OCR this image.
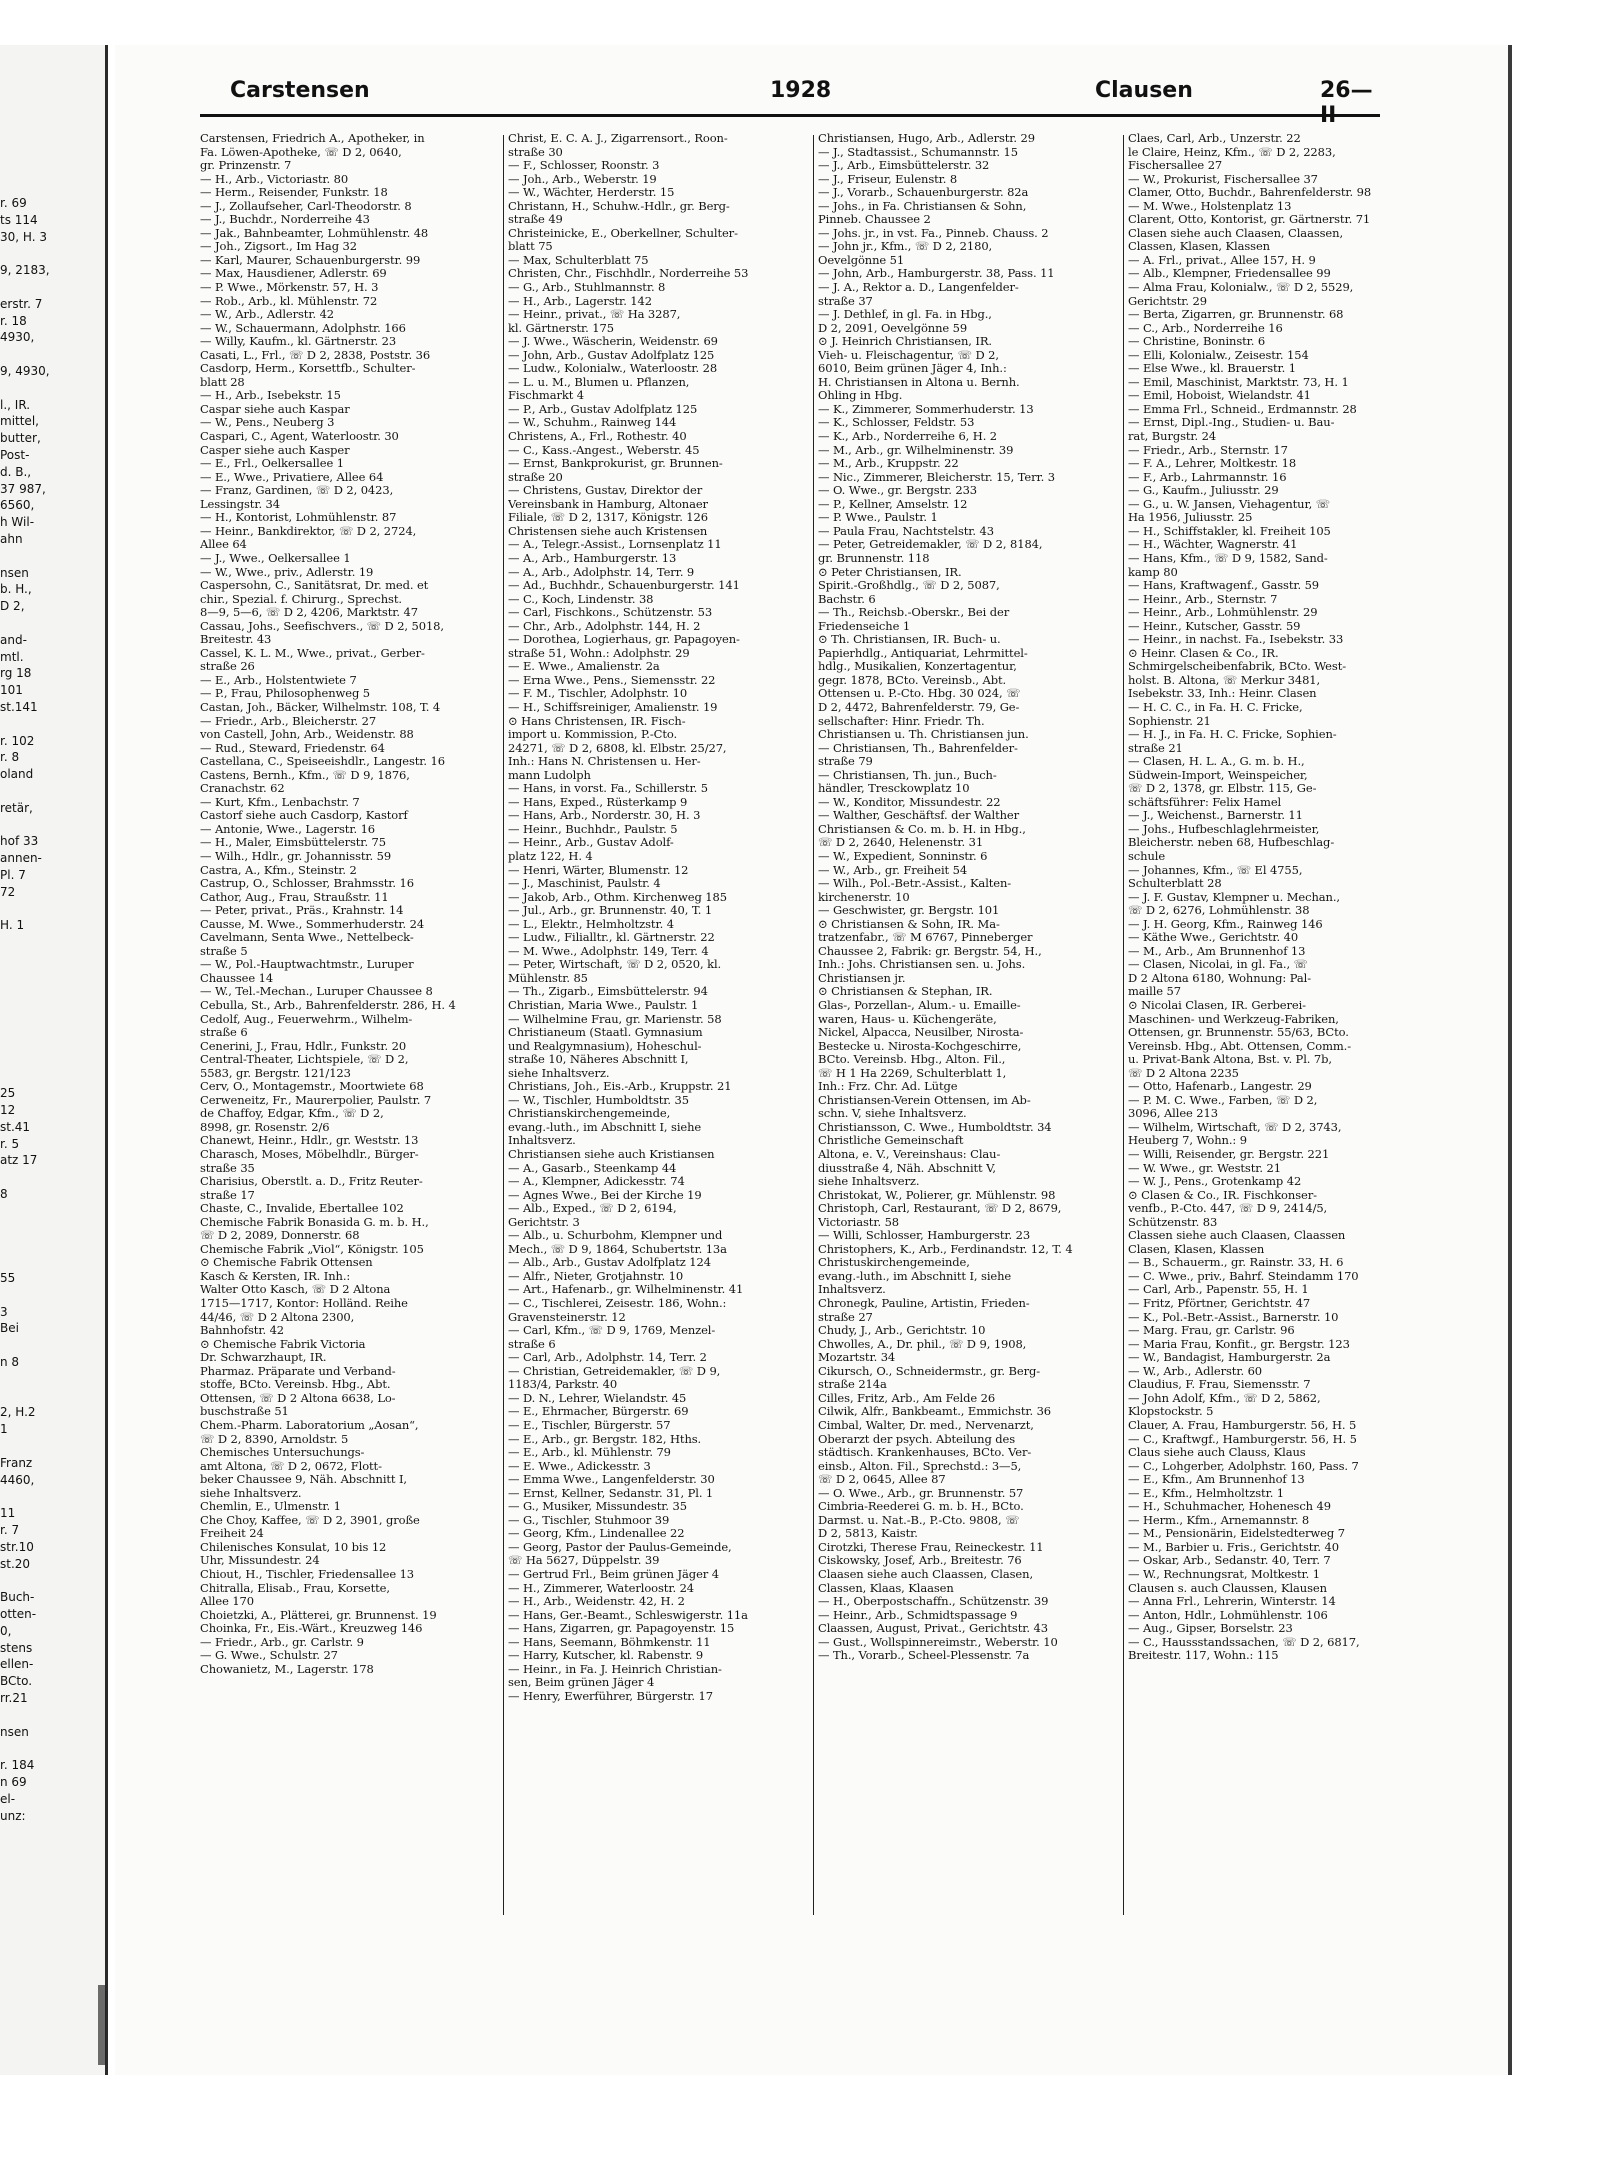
r. 69
ts 114
30, H. 3

9, 2183,

erstr. 7
r. 18
4930,

9, 4930,

l., IR.
mittel,
butter,
Post-
d. B.,
37 987,
6560,
h Wil-
ahn

nsen
b. H.,
D 2,

and-
mtl.
rg 18
101
st.141

r. 102
r. 8
oland

retär,

hof 33
annen-
Pl. 7
72

H. 1

25
12
st.41
r. 5
atz 17

8

55

3
Bei

n 8

2, H.2
1

Franz
4460,

11
r. 7
str.10
st.20

Buch-
otten-
0,
stens
ellen-
BCto.
rr.21

nsen

r. 184
n 69
el-
unz:
Carstensen	1928	Clausen	26—II
Carstensen, Friedrich A., Apotheker, in
Fa. Löwen-Apotheke, ☏ D 2, 0640,
gr. Prinzenstr. 7
— H., Arb., Victoriastr. 80
— Herm., Reisender, Funkstr. 18
— J., Zollaufseher, Carl-Theodorstr. 8
— J., Buchdr., Norderreihe 43
— Jak., Bahnbeamter, Lohmühlenstr. 48
— Joh., Zigsort., Im Hag 32
— Karl, Maurer, Schauenburgerstr. 99
— Max, Hausdiener, Adlerstr. 69
— P. Wwe., Mörkenstr. 57, H. 3
— Rob., Arb., kl. Mühlenstr. 72
— W., Arb., Adlerstr. 42
— W., Schauermann, Adolphstr. 166
— Willy, Kaufm., kl. Gärtnerstr. 23
Casati, L., Frl., ☏ D 2, 2838, Poststr. 36
Casdorp, Herm., Korsettfb., Schulter-
blatt 28
— H., Arb., Isebekstr. 15
Caspar siehe auch Kaspar
— W., Pens., Neuberg 3
Caspari, C., Agent, Waterloostr. 30
Casper siehe auch Kasper
— E., Frl., Oelkersallee 1
— E., Wwe., Privatiere, Allee 64
— Franz, Gardinen, ☏ D 2, 0423,
Lessingstr. 34
— H., Kontorist, Lohmühlenstr. 87
— Heinr., Bankdirektor, ☏ D 2, 2724,
Allee 64
— J., Wwe., Oelkersallee 1
— W., Wwe., priv., Adlerstr. 19
Caspersohn, C., Sanitätsrat, Dr. med. et
chir., Spezial. f. Chirurg., Sprechst.
8—9, 5—6, ☏ D 2, 4206, Marktstr. 47
Cassau, Johs., Seefischvers., ☏ D 2, 5018,
Breitestr. 43
Cassel, K. L. M., Wwe., privat., Gerber-
straße 26
— E., Arb., Holstentwiete 7
— P., Frau, Philosophenweg 5
Castan, Joh., Bäcker, Wilhelmstr. 108, T. 4
— Friedr., Arb., Bleicherstr. 27
von Castell, John, Arb., Weidenstr. 88
— Rud., Steward, Friedenstr. 64
Castellana, C., Speiseeishdlr., Langestr. 16
Castens, Bernh., Kfm., ☏ D 9, 1876,
Cranachstr. 62
— Kurt, Kfm., Lenbachstr. 7
Castorf siehe auch Casdorp, Kastorf
— Antonie, Wwe., Lagerstr. 16
— H., Maler, Eimsbüttelerstr. 75
— Wilh., Hdlr., gr. Johannisstr. 59
Castra, A., Kfm., Steinstr. 2
Castrup, O., Schlosser, Brahmsstr. 16
Cathor, Aug., Frau, Straußstr. 11
— Peter, privat., Präs., Krahnstr. 14
Causse, M. Wwe., Sommerhuderstr. 24
Cavelmann, Senta Wwe., Nettelbeck-
straße 5
— W., Pol.-Hauptwachtmstr., Luruper
Chaussee 14
— W., Tel.-Mechan., Luruper Chaussee 8
Cebulla, St., Arb., Bahrenfelderstr. 286, H. 4
Cedolf, Aug., Feuerwehrm., Wilhelm-
straße 6
Cenerini, J., Frau, Hdlr., Funkstr. 20
Central-Theater, Lichtspiele, ☏ D 2,
5583, gr. Bergstr. 121/123
Cerv, O., Montagemstr., Moortwiete 68
Cerweneitz, Fr., Maurerpolier, Paulstr. 7
de Chaffoy, Edgar, Kfm., ☏ D 2,
8998, gr. Rosenstr. 2/6
Chanewt, Heinr., Hdlr., gr. Weststr. 13
Charasch, Moses, Möbelhdlr., Bürger-
straße 35
Charisius, Oberstlt. a. D., Fritz Reuter-
straße 17
Chaste, C., Invalide, Ebertallee 102
Chemische Fabrik Bonasida G. m. b. H.,
☏ D 2, 2089, Donnerstr. 68
Chemische Fabrik „Viol“, Königstr. 105
⊙ Chemische Fabrik Ottensen
Kasch & Kersten, IR. Inh.:
Walter Otto Kasch, ☏ D 2 Altona
1715—1717, Kontor: Holländ. Reihe
44/46, ☏ D 2 Altona 2300,
Bahnhofstr. 42
⊙ Chemische Fabrik Victoria
Dr. Schwarzhaupt, IR.
Pharmaz. Präparate und Verband-
stoffe, BCto. Vereinsb. Hbg., Abt.
Ottensen, ☏ D 2 Altona 6638, Lo-
buschstraße 51
Chem.-Pharm. Laboratorium „Aosan“,
☏ D 2, 8390, Arnoldstr. 5
Chemisches Untersuchungs-
amt Altona, ☏ D 2, 0672, Flott-
beker Chaussee 9, Näh. Abschnitt I,
siehe Inhaltsverz.
Chemlin, E., Ulmenstr. 1
Che Choy, Kaffee, ☏ D 2, 3901, große
Freiheit 24
Chilenisches Konsulat, 10 bis 12
Uhr, Missundestr. 24
Chiout, H., Tischler, Friedensallee 13
Chitralla, Elisab., Frau, Korsette,
Allee 170
Choietzki, A., Plätterei, gr. Brunnenst. 19
Choinka, Fr., Eis.-Wärt., Kreuzweg 146
— Friedr., Arb., gr. Carlstr. 9
— G. Wwe., Schulstr. 27
Chowanietz, M., Lagerstr. 178
Christ, E. C. A. J., Zigarrensort., Roon-
straße 30
— F., Schlosser, Roonstr. 3
— Joh., Arb., Weberstr. 19
— W., Wächter, Herderstr. 15
Christann, H., Schuhw.-Hdlr., gr. Berg-
straße 49
Christeinicke, E., Oberkellner, Schulter-
blatt 75
— Max, Schulterblatt 75
Christen, Chr., Fischhdlr., Norderreihe 53
— G., Arb., Stuhlmannstr. 8
— H., Arb., Lagerstr. 142
— Heinr., privat., ☏ Ha 3287,
kl. Gärtnerstr. 175
— J. Wwe., Wäscherin, Weidenstr. 69
— John, Arb., Gustav Adolfplatz 125
— Ludw., Kolonialw., Waterloostr. 28
— L. u. M., Blumen u. Pflanzen,
Fischmarkt 4
— P., Arb., Gustav Adolfplatz 125
— W., Schuhm., Rainweg 144
Christens, A., Frl., Rothestr. 40
— C., Kass.-Angest., Weberstr. 45
— Ernst, Bankprokurist, gr. Brunnen-
straße 20
— Christens, Gustav, Direktor der
Vereinsbank in Hamburg, Altonaer
Filiale, ☏ D 2, 1317, Königstr. 126
Christensen siehe auch Kristensen
— A., Telegr.-Assist., Lornsenplatz 11
— A., Arb., Hamburgerstr. 13
— A., Arb., Adolphstr. 14, Terr. 9
— Ad., Buchhdr., Schauenburgerstr. 141
— C., Koch, Lindenstr. 38
— Carl, Fischkons., Schützenstr. 53
— Chr., Arb., Adolphstr. 144, H. 2
— Dorothea, Logierhaus, gr. Papagoyen-
straße 51, Wohn.: Adolphstr. 29
— E. Wwe., Amalienstr. 2a
— Erna Wwe., Pens., Siemensstr. 22
— F. M., Tischler, Adolphstr. 10
— H., Schiffsreiniger, Amalienstr. 19
⊙ Hans Christensen, IR. Fisch-
import u. Kommission, P.-Cto.
24271, ☏ D 2, 6808, kl. Elbstr. 25/27,
Inh.: Hans N. Christensen u. Her-
mann Ludolph
— Hans, in vorst. Fa., Schillerstr. 5
— Hans, Exped., Rüsterkamp 9
— Hans, Arb., Norderstr. 30, H. 3
— Heinr., Buchhdr., Paulstr. 5
— Heinr., Arb., Gustav Adolf-
platz 122, H. 4
— Henri, Wärter, Blumenstr. 12
— J., Maschinist, Paulstr. 4
— Jakob, Arb., Othm. Kirchenweg 185
— Jul., Arb., gr. Brunnenstr. 40, T. 1
— L., Elektr., Helmholtzstr. 4
— Ludw., Filialltr., kl. Gärtnerstr. 22
— M. Wwe., Adolphstr. 149, Terr. 4
— Peter, Wirtschaft, ☏ D 2, 0520, kl.
Mühlenstr. 85
— Th., Zigarb., Eimsbüttelerstr. 94
Christian, Maria Wwe., Paulstr. 1
— Wilhelmine Frau, gr. Marienstr. 58
Christianeum (Staatl. Gymnasium
und Realgymnasium), Hoheschul-
straße 10, Näheres Abschnitt I,
siehe Inhaltsverz.
Christians, Joh., Eis.-Arb., Kruppstr. 21
— W., Tischler, Humboldtstr. 35
Christianskirchengemeinde,
evang.-luth., im Abschnitt I, siehe
Inhaltsverz.
Christiansen siehe auch Kristiansen
— A., Gasarb., Steenkamp 44
— A., Klempner, Adickesstr. 74
— Agnes Wwe., Bei der Kirche 19
— Alb., Exped., ☏ D 2, 6194,
Gerichtstr. 3
— Alb., u. Schurbohm, Klempner und
Mech., ☏ D 9, 1864, Schubertstr. 13a
— Alb., Arb., Gustav Adolfplatz 124
— Alfr., Nieter, Grotjahnstr. 10
— Art., Hafenarb., gr. Wilhelminenstr. 41
— C., Tischlerei, Zeisestr. 186, Wohn.:
Gravensteinerstr. 12
— Carl, Kfm., ☏ D 9, 1769, Menzel-
straße 6
— Carl, Arb., Adolphstr. 14, Terr. 2
— Christian, Getreidemakler, ☏ D 9,
1183/4, Parkstr. 40
— D. N., Lehrer, Wielandstr. 45
— E., Ehrmacher, Bürgerstr. 69
— E., Tischler, Bürgerstr. 57
— E., Arb., gr. Bergstr. 182, Hths.
— E., Arb., kl. Mühlenstr. 79
— E. Wwe., Adickesstr. 3
— Emma Wwe., Langenfelderstr. 30
— Ernst, Kellner, Sedanstr. 31, Pl. 1
— G., Musiker, Missundestr. 35
— G., Tischler, Stuhmoor 39
— Georg, Kfm., Lindenallee 22
— Georg, Pastor der Paulus-Gemeinde,
☏ Ha 5627, Düppelstr. 39
— Gertrud Frl., Beim grünen Jäger 4
— H., Zimmerer, Waterloostr. 24
— H., Arb., Weidenstr. 42, H. 2
— Hans, Ger.-Beamt., Schleswigerstr. 11a
— Hans, Zigarren, gr. Papagoyenstr. 15
— Hans, Seemann, Böhmkenstr. 11
— Harry, Kutscher, kl. Rabenstr. 9
— Heinr., in Fa. J. Heinrich Christian-
sen, Beim grünen Jäger 4
— Henry, Ewerführer, Bürgerstr. 17
Christiansen, Hugo, Arb., Adlerstr. 29
— J., Stadtassist., Schumannstr. 15
— J., Arb., Eimsbüttelerstr. 32
— J., Friseur, Eulenstr. 8
— J., Vorarb., Schauenburgerstr. 82a
— Johs., in Fa. Christiansen & Sohn,
Pinneb. Chaussee 2
— Johs. jr., in vst. Fa., Pinneb. Chauss. 2
— John jr., Kfm., ☏ D 2, 2180,
Oevelgönne 51
— John, Arb., Hamburgerstr. 38, Pass. 11
— J. A., Rektor a. D., Langenfelder-
straße 37
— J. Dethlef, in gl. Fa. in Hbg.,
D 2, 2091, Oevelgönne 59
⊙ J. Heinrich Christiansen, IR.
Vieh- u. Fleischagentur, ☏ D 2,
6010, Beim grünen Jäger 4, Inh.:
H. Christiansen in Altona u. Bernh.
Ohling in Hbg.
— K., Zimmerer, Sommerhuderstr. 13
— K., Schlosser, Feldstr. 53
— K., Arb., Norderreihe 6, H. 2
— M., Arb., gr. Wilhelminenstr. 39
— M., Arb., Kruppstr. 22
— Nic., Zimmerer, Bleicherstr. 15, Terr. 3
— O. Wwe., gr. Bergstr. 233
— P., Kellner, Amselstr. 12
— P. Wwe., Paulstr. 1
— Paula Frau, Nachtstelstr. 43
— Peter, Getreidemakler, ☏ D 2, 8184,
gr. Brunnenstr. 118
⊙ Peter Christiansen, IR.
Spirit.-Großhdlg., ☏ D 2, 5087,
Bachstr. 6
— Th., Reichsb.-Oberskr., Bei der
Friedenseiche 1
⊙ Th. Christiansen, IR. Buch- u.
Papierhdlg., Antiquariat, Lehrmittel-
hdlg., Musikalien, Konzertagentur,
gegr. 1878, BCto. Vereinsb., Abt.
Ottensen u. P.-Cto. Hbg. 30 024, ☏
D 2, 4472, Bahrenfelderstr. 79, Ge-
sellschafter: Hinr. Friedr. Th.
Christiansen u. Th. Christiansen jun.
— Christiansen, Th., Bahrenfelder-
straße 79
— Christiansen, Th. jun., Buch-
händler, Tresckowplatz 10
— W., Konditor, Missundestr. 22
— Walther, Geschäftsf. der Walther
Christiansen & Co. m. b. H. in Hbg.,
☏ D 2, 2640, Helenenstr. 31
— W., Expedient, Sonninstr. 6
— W., Arb., gr. Freiheit 54
— Wilh., Pol.-Betr.-Assist., Kalten-
kirchenerstr. 10
— Geschwister, gr. Bergstr. 101
⊙ Christiansen & Sohn, IR. Ma-
tratzenfabr., ☏ M 6767, Pinneberger
Chaussee 2, Fabrik: gr. Bergstr. 54, H.,
Inh.: Johs. Christiansen sen. u. Johs.
Christiansen jr.
⊙ Christiansen & Stephan, IR.
Glas-, Porzellan-, Alum.- u. Emaille-
waren, Haus- u. Küchengeräte,
Nickel, Alpacca, Neusilber, Nirosta-
Bestecke u. Nirosta-Kochgeschirre,
BCto. Vereinsb. Hbg., Alton. Fil.,
☏ H 1 Ha 2269, Schulterblatt 1,
Inh.: Frz. Chr. Ad. Lütge
Christiansen-Verein Ottensen, im Ab-
schn. V, siehe Inhaltsverz.
Christiansson, C. Wwe., Humboldtstr. 34
Christliche Gemeinschaft
Altona, e. V., Vereinshaus: Clau-
diusstraße 4, Näh. Abschnitt V,
siehe Inhaltsverz.
Christokat, W., Polierer, gr. Mühlenstr. 98
Christoph, Carl, Restaurant, ☏ D 2, 8679,
Victoriastr. 58
— Willi, Schlosser, Hamburgerstr. 23
Christophers, K., Arb., Ferdinandstr. 12, T. 4
Christuskirchengemeinde,
evang.-luth., im Abschnitt I, siehe
Inhaltsverz.
Chronegk, Pauline, Artistin, Frieden-
straße 27
Chudy, J., Arb., Gerichtstr. 10
Chwolles, A., Dr. phil., ☏ D 9, 1908,
Mozartstr. 34
Cikursch, O., Schneidermstr., gr. Berg-
straße 214a
Cilles, Fritz, Arb., Am Felde 26
Cilwik, Alfr., Bankbeamt., Emmichstr. 36
Cimbal, Walter, Dr. med., Nervenarzt,
Oberarzt der psych. Abteilung des
städtisch. Krankenhauses, BCto. Ver-
einsb., Alton. Fil., Sprechstd.: 3—5,
☏ D 2, 0645, Allee 87
— O. Wwe., Arb., gr. Brunnenstr. 57
Cimbria-Reederei G. m. b. H., BCto.
Darmst. u. Nat.-B., P.-Cto. 9808, ☏
D 2, 5813, Kaistr.
Cirotzki, Therese Frau, Reineckestr. 11
Ciskowsky, Josef, Arb., Breitestr. 76
Claasen siehe auch Claassen, Clasen,
Classen, Klaas, Klaasen
— H., Oberpostschaffn., Schützenstr. 39
— Heinr., Arb., Schmidtspassage 9
Claassen, August, Privat., Gerichtstr. 43
— Gust., Wollspinnereimstr., Weberstr. 10
— Th., Vorarb., Scheel-Plessenstr. 7a
Claes, Carl, Arb., Unzerstr. 22
le Claire, Heinz, Kfm., ☏ D 2, 2283,
Fischersallee 27
— W., Prokurist, Fischersallee 37
Clamer, Otto, Buchdr., Bahrenfelderstr. 98
— M. Wwe., Holstenplatz 13
Clarent, Otto, Kontorist, gr. Gärtnerstr. 71
Clasen siehe auch Claasen, Claassen,
Classen, Klasen, Klassen
— A. Frl., privat., Allee 157, H. 9
— Alb., Klempner, Friedensallee 99
— Alma Frau, Kolonialw., ☏ D 2, 5529,
Gerichtstr. 29
— Berta, Zigarren, gr. Brunnenstr. 68
— C., Arb., Norderreihe 16
— Christine, Boninstr. 6
— Elli, Kolonialw., Zeisestr. 154
— Else Wwe., kl. Brauerstr. 1
— Emil, Maschinist, Marktstr. 73, H. 1
— Emil, Hoboist, Wielandstr. 41
— Emma Frl., Schneid., Erdmannstr. 28
— Ernst, Dipl.-Ing., Studien- u. Bau-
rat, Burgstr. 24
— Friedr., Arb., Sternstr. 17
— F. A., Lehrer, Moltkestr. 18
— F., Arb., Lahrmannstr. 16
— G., Kaufm., Juliusstr. 29
— G., u. W. Jansen, Viehagentur, ☏
Ha 1956, Juliusstr. 25
— H., Schiffstakler, kl. Freiheit 105
— H., Wächter, Wagnerstr. 41
— Hans, Kfm., ☏ D 9, 1582, Sand-
kamp 80
— Hans, Kraftwagenf., Gasstr. 59
— Heinr., Arb., Sternstr. 7
— Heinr., Arb., Lohmühlenstr. 29
— Heinr., Kutscher, Gasstr. 59
— Heinr., in nachst. Fa., Isebekstr. 33
⊙ Heinr. Clasen & Co., IR.
Schmirgelscheibenfabrik, BCto. West-
holst. B. Altona, ☏ Merkur 3481,
Isebekstr. 33, Inh.: Heinr. Clasen
— H. C. C., in Fa. H. C. Fricke,
Sophienstr. 21
— H. J., in Fa. H. C. Fricke, Sophien-
straße 21
— Clasen, H. L. A., G. m. b. H.,
Südwein-Import, Weinspeicher,
☏ D 2, 1378, gr. Elbstr. 115, Ge-
schäftsführer: Felix Hamel
— J., Weichenst., Barnerstr. 11
— Johs., Hufbeschlaglehrmeister,
Bleicherstr. neben 68, Hufbeschlag-
schule
— Johannes, Kfm., ☏ El 4755,
Schulterblatt 28
— J. F. Gustav, Klempner u. Mechan.,
☏ D 2, 6276, Lohmühlenstr. 38
— J. H. Georg, Kfm., Rainweg 146
— Käthe Wwe., Gerichtstr. 40
— M., Arb., Am Brunnenhof 13
— Clasen, Nicolai, in gl. Fa., ☏
D 2 Altona 6180, Wohnung: Pal-
maille 57
⊙ Nicolai Clasen, IR. Gerberei-
Maschinen- und Werkzeug-Fabriken,
Ottensen, gr. Brunnenstr. 55/63, BCto.
Vereinsb. Hbg., Abt. Ottensen, Comm.-
u. Privat-Bank Altona, Bst. v. Pl. 7b,
☏ D 2 Altona 2235
— Otto, Hafenarb., Langestr. 29
— P. M. C. Wwe., Farben, ☏ D 2,
3096, Allee 213
— Wilhelm, Wirtschaft, ☏ D 2, 3743,
Heuberg 7, Wohn.: 9
— Willi, Reisender, gr. Bergstr. 221
— W. Wwe., gr. Weststr. 21
— W. J., Pens., Grotenkamp 42
⊙ Clasen & Co., IR. Fischkonser-
venfb., P.-Cto. 447, ☏ D 9, 2414/5,
Schützenstr. 83
Classen siehe auch Claasen, Claassen
Clasen, Klasen, Klassen
— B., Schauerm., gr. Rainstr. 33, H. 6
— C. Wwe., priv., Bahrf. Steindamm 170
— Carl, Arb., Papenstr. 55, H. 1
— Fritz, Pförtner, Gerichtstr. 47
— K., Pol.-Betr.-Assist., Barnerstr. 10
— Marg. Frau, gr. Carlstr. 96
— Maria Frau, Konfit., gr. Bergstr. 123
— W., Bandagist, Hamburgerstr. 2a
— W., Arb., Adlerstr. 60
Claudius, F. Frau, Siemensstr. 7
— John Adolf, Kfm., ☏ D 2, 5862,
Klopstockstr. 5
Clauer, A. Frau, Hamburgerstr. 56, H. 5
— C., Kraftwgf., Hamburgerstr. 56, H. 5
Claus siehe auch Clauss, Klaus
— C., Lohgerber, Adolphstr. 160, Pass. 7
— E., Kfm., Am Brunnenhof 13
— E., Kfm., Helmholtzstr. 1
— H., Schuhmacher, Hohenesch 49
— Herm., Kfm., Arnemannstr. 8
— M., Pensionärin, Eidelstedterweg 7
— M., Barbier u. Fris., Gerichtstr. 40
— Oskar, Arb., Sedanstr. 40, Terr. 7
— W., Rechnungsrat, Moltkestr. 1
Clausen s. auch Claussen, Klausen
— Anna Frl., Lehrerin, Winterstr. 14
— Anton, Hdlr., Lohmühlenstr. 106
— Aug., Gipser, Borselstr. 23
— C., Haussstandssachen, ☏ D 2, 6817,
Breitestr. 117, Wohn.: 115
